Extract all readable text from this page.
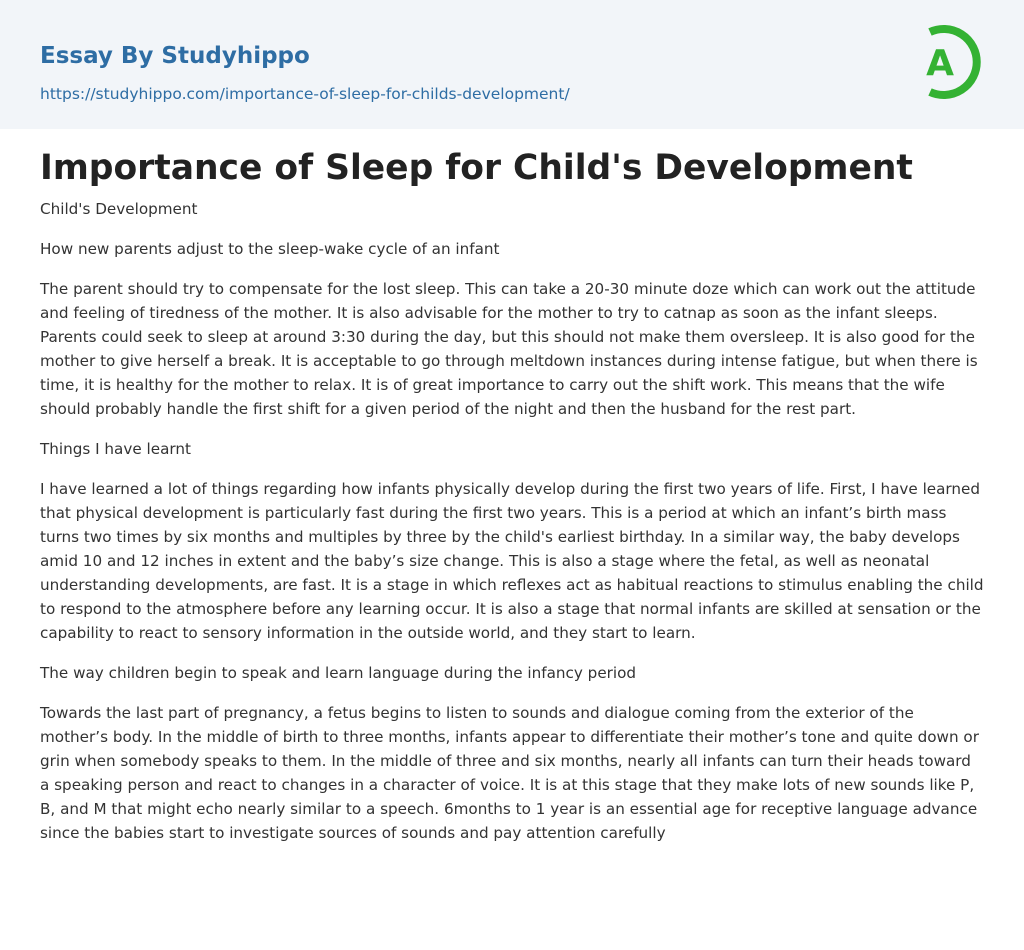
Essay By Studyhippo
https://studyhippo.com/importance-of-sleep-for-childs-development/
A
Importance of Sleep for Child's Development

Child's Development

How new parents adjust to the sleep-wake cycle of an infant

The parent should try to compensate for the lost sleep. This can take a 20-30 minute doze which can work out the attitude and feeling of tiredness of the mother. It is also advisable for the mother to try to catnap as soon as the infant sleeps. Parents could seek to sleep at around 3:30 during the day, but this should not make them oversleep. It is also good for the mother to give herself a break. It is acceptable to go through meltdown instances during intense fatigue, but when there is time, it is healthy for the mother to relax. It is of great importance to carry out the shift work. This means that the wife should probably handle the first shift for a given period of the night and then the husband for the rest part.

Things I have learnt

I have learned a lot of things regarding how infants physically develop during the first two years of life. First, I have learned that physical development is particularly fast during the first two years. This is a period at which an infant’s birth mass turns two times by six months and multiples by three by the child's earliest birthday. In a similar way, the baby develops amid 10 and 12 inches in extent and the baby’s size change. This is also a stage where the fetal, as well as neonatal understanding developments, are fast. It is a stage in which reflexes act as habitual reactions to stimulus enabling the child to respond to the atmosphere before any learning occur. It is also a stage that normal infants are skilled at sensation or the capability to react to sensory information in the outside world, and they start to learn.

The way children begin to speak and learn language during the infancy period

Towards the last part of pregnancy, a fetus begins to listen to sounds and dialogue coming from the exterior of the mother’s body. In the middle of birth to three months, infants appear to differentiate their mother’s tone and quite down or grin when somebody speaks to them. In the middle of three and six months, nearly all infants can turn their heads toward a speaking person and react to changes in a character of voice. It is at this stage that they make lots of new sounds like P, B, and M that might echo nearly similar to a speech. 6months to 1 year is an essential age for receptive language advance since the babies start to investigate sources of sounds and pay attention carefully
